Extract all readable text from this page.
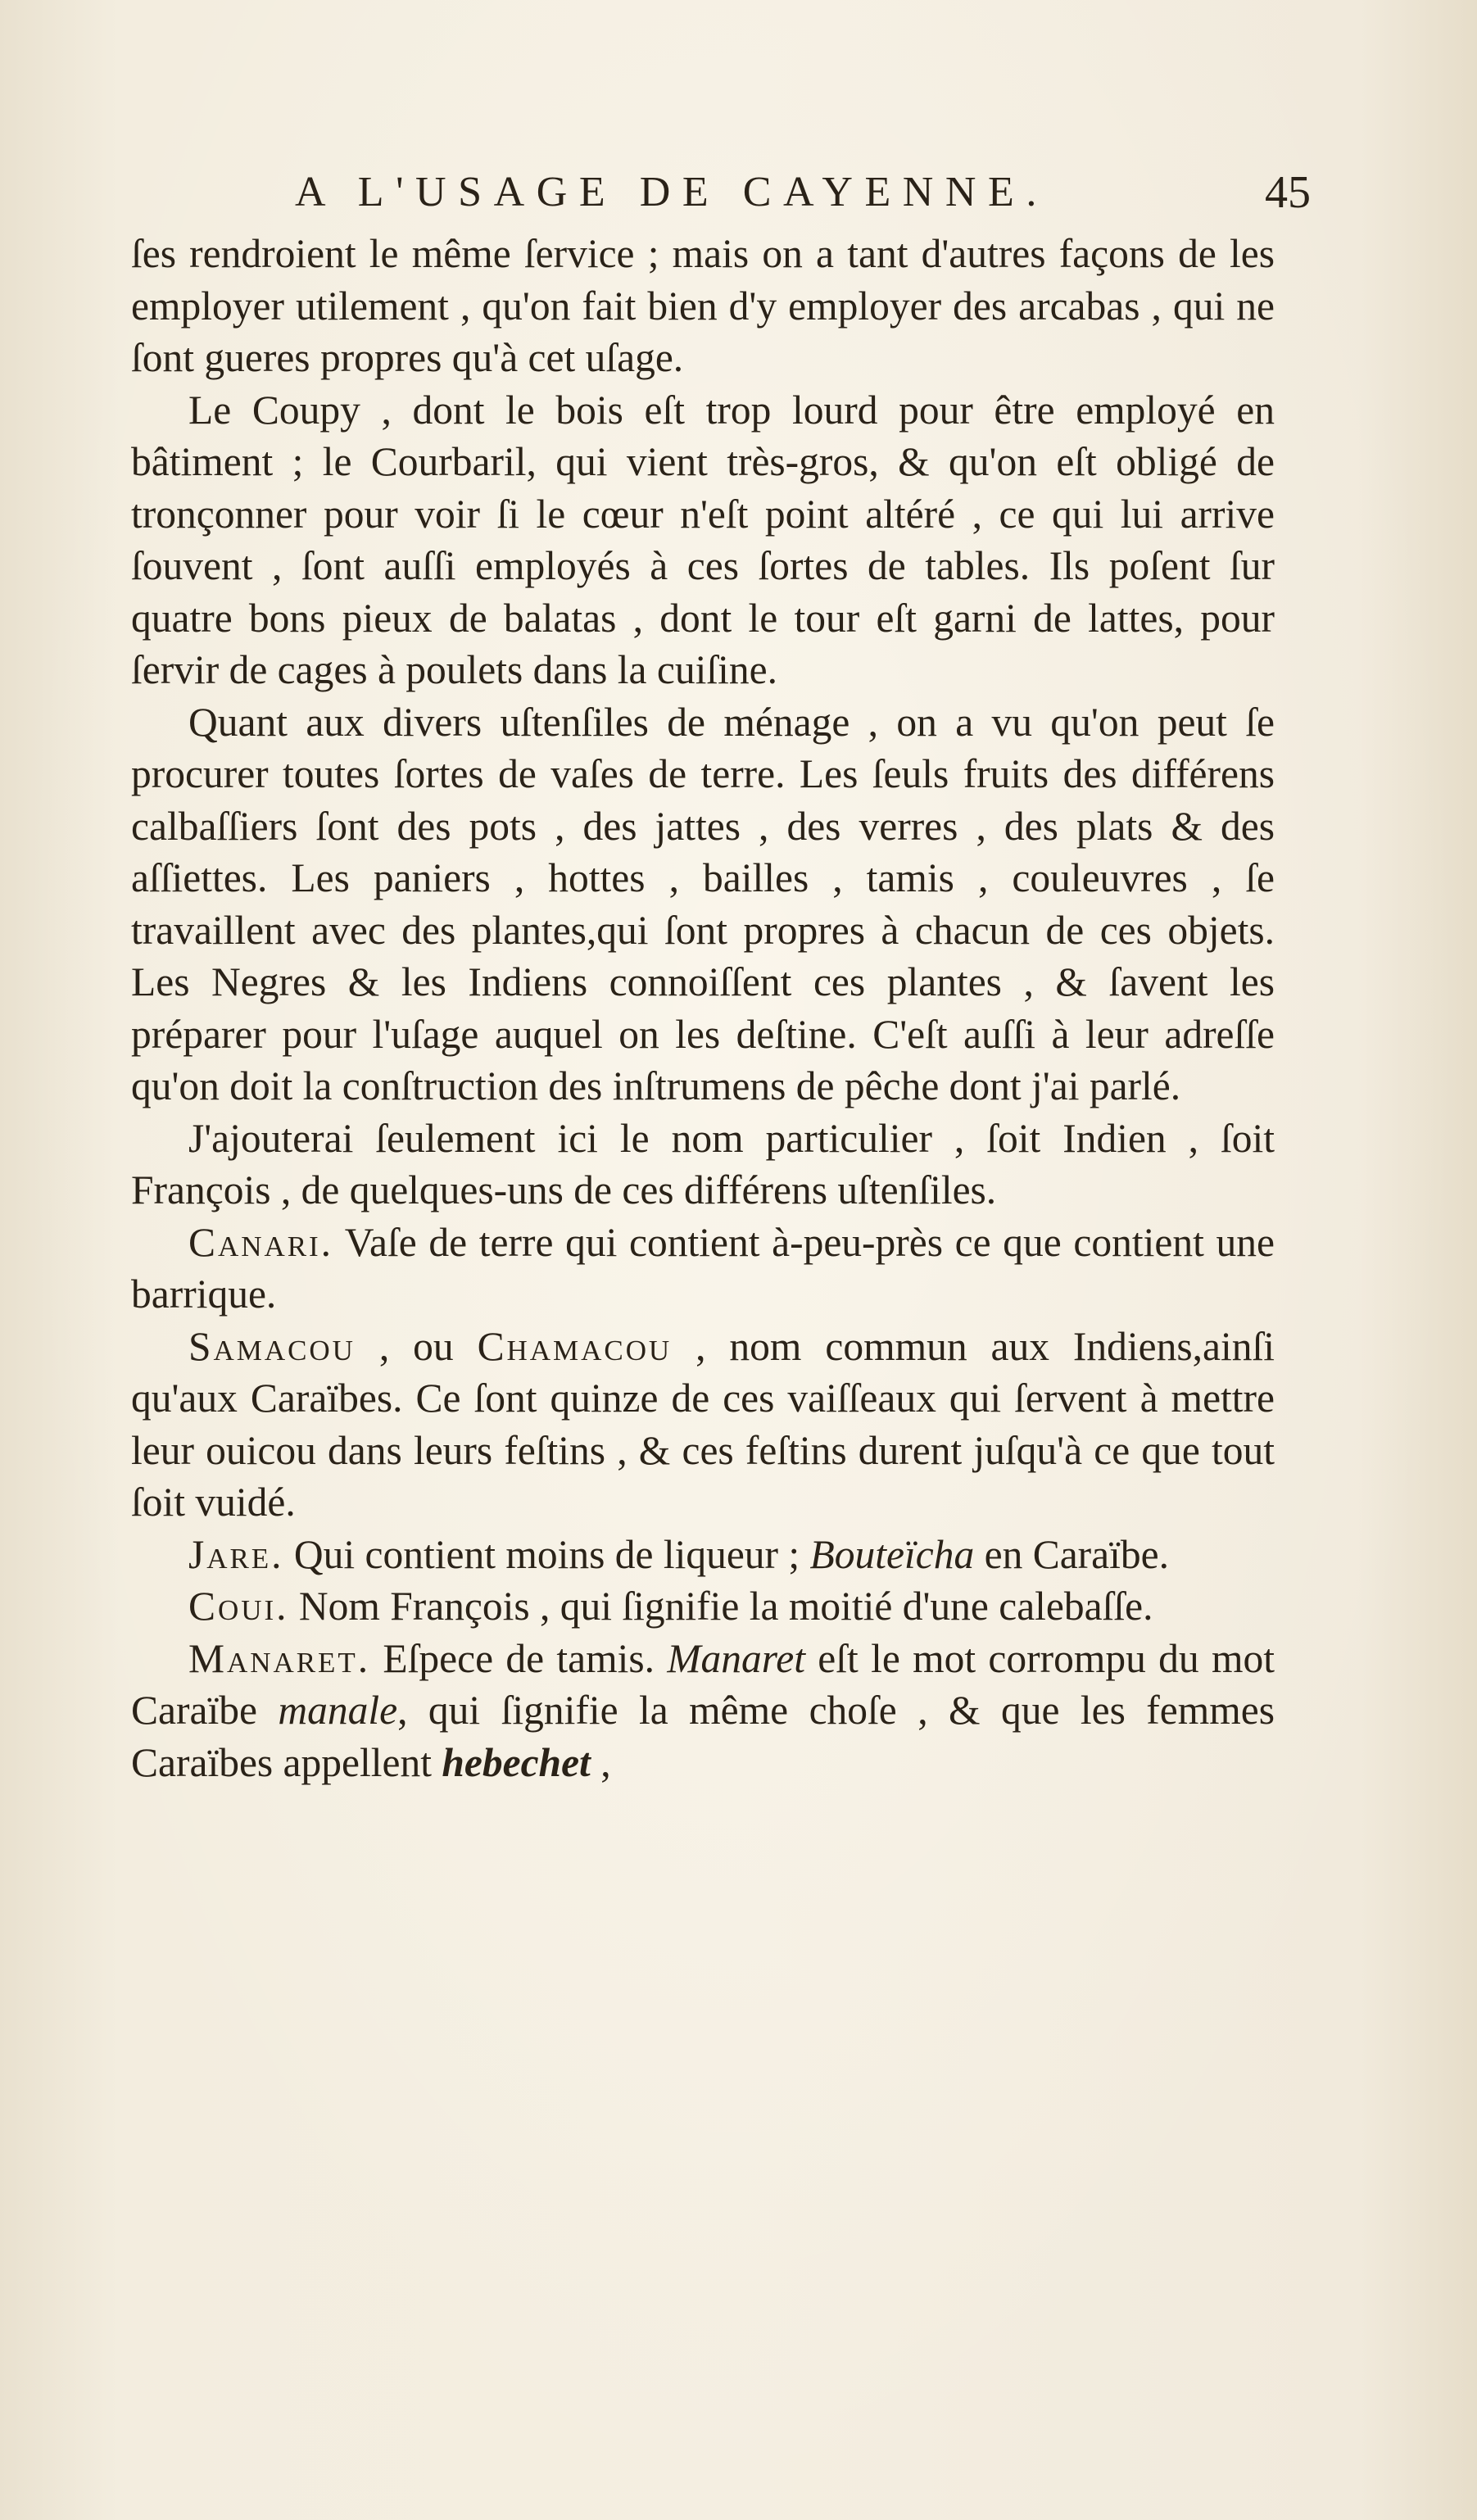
A L'USAGE DE CAYENNE.	45

ſes rendroient le même ſervice ; mais on a tant d'autres façons de les employer utilement , qu'on fait bien d'y employer des arcabas , qui ne ſont gueres propres qu'à cet uſage.

Le Coupy , dont le bois eſt trop lourd pour être employé en bâtiment ; le Courbaril, qui vient très-gros, & qu'on eſt obligé de tronçonner pour voir ſi le cœur n'eſt point altéré , ce qui lui arrive ſouvent , ſont auſſi employés à ces ſortes de tables. Ils poſent ſur quatre bons pieux de balatas , dont le tour eſt garni de lattes, pour ſervir de cages à poulets dans la cuiſine.

Quant aux divers uſtenſiles de ménage , on a vu qu'on peut ſe procurer toutes ſortes de vaſes de terre. Les ſeuls fruits des différens calbaſſiers ſont des pots , des jattes , des verres , des plats & des aſſiettes. Les paniers , hottes , bailles , tamis , couleuvres , ſe travaillent avec des plantes,qui ſont propres à chacun de ces objets. Les Negres & les Indiens connoiſſent ces plantes , & ſavent les préparer pour l'uſage auquel on les deſtine. C'eſt auſſi à leur adreſſe qu'on doit la conſtruction des inſtrumens de pêche dont j'ai parlé.

J'ajouterai ſeulement ici le nom particulier , ſoit Indien , ſoit François , de quelques-uns de ces différens uſtenſiles.

Canari. Vaſe de terre qui contient à-peu-près ce que contient une barrique.

Samacou , ou Chamacou , nom commun aux Indiens,ainſi qu'aux Caraïbes. Ce ſont quinze de ces vaiſſeaux qui ſervent à mettre leur ouicou dans leurs feſtins , & ces feſtins durent juſqu'à ce que tout ſoit vuidé.

Jare. Qui contient moins de liqueur ; Bouteïcha en Caraïbe.

Coui. Nom François , qui ſignifie la moitié d'une calebaſſe.

Manaret. Eſpece de tamis. Manaret eſt le mot corrompu du mot Caraïbe manale, qui ſignifie la même choſe , & que les femmes Caraïbes appellent hebechet ,
